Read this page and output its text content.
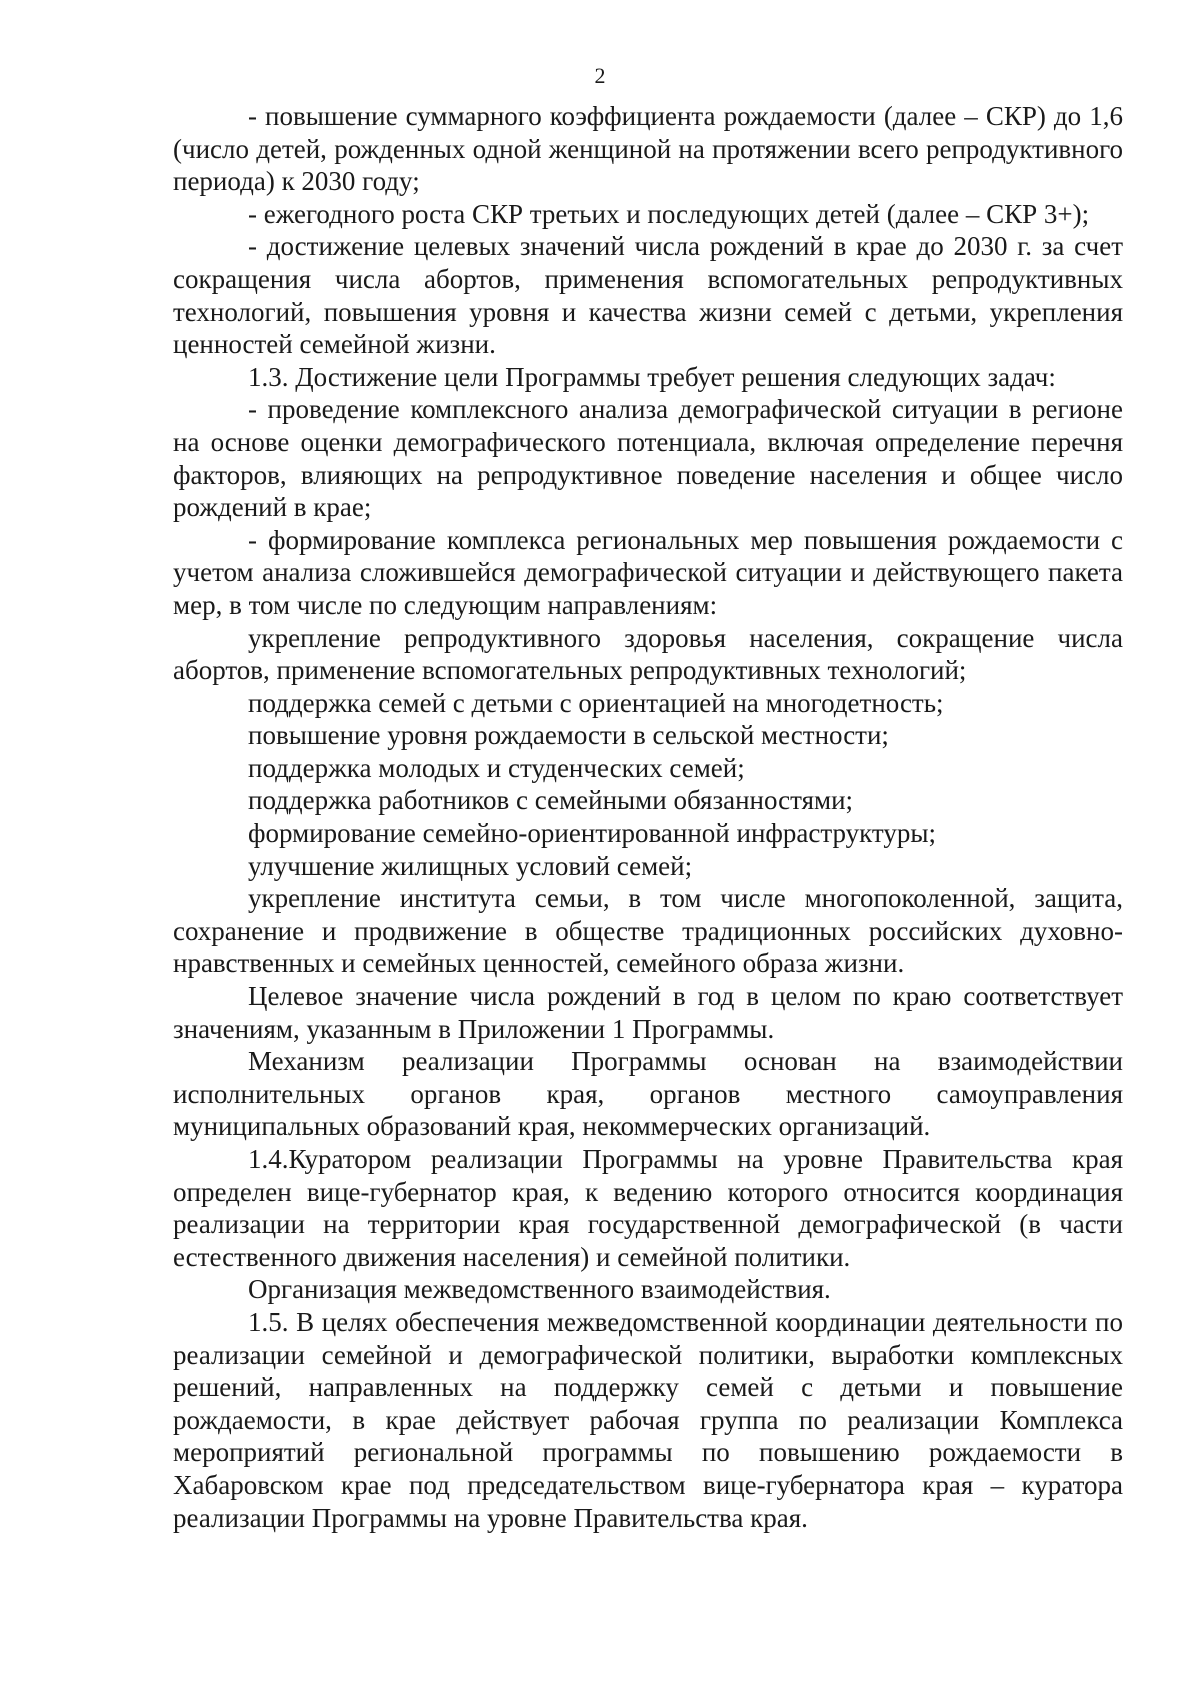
2

- повышение суммарного коэффициента рождаемости (далее – СКР) до 1,6 (число детей, рожденных одной женщиной на протяжении всего репродуктивного периода) к 2030 году;

- ежегодного роста СКР третьих и последующих детей (далее – СКР 3+);

- достижение целевых значений числа рождений в крае до 2030 г. за счет сокращения числа абортов, применения вспомогательных репродуктивных технологий, повышения уровня и качества жизни семей с детьми, укрепления ценностей семейной жизни.

1.3. Достижение цели Программы требует решения следующих задач:

- проведение комплексного анализа демографической ситуации в регионе на основе оценки демографического потенциала, включая определение перечня факторов, влияющих на репродуктивное поведение населения и общее число рождений в крае;

- формирование комплекса региональных мер повышения рождаемости с учетом анализа сложившейся демографической ситуации и действующего пакета мер, в том числе по следующим направлениям:

укрепление репродуктивного здоровья населения, сокращение числа абортов, применение вспомогательных репродуктивных технологий;

поддержка семей с детьми с ориентацией на многодетность;

повышение уровня рождаемости в сельской местности;

поддержка молодых и студенческих семей;

поддержка работников с семейными обязанностями;

формирование семейно-ориентированной инфраструктуры;

улучшение жилищных условий семей;

укрепление института семьи, в том числе многопоколенной, защита, сохранение и продвижение в обществе традиционных российских духовно-нравственных и семейных ценностей, семейного образа жизни.

Целевое значение числа рождений в год в целом по краю соответствует значениям, указанным в Приложении 1 Программы.

Механизм реализации Программы основан на взаимодействии исполнительных органов края, органов местного самоуправления муниципальных образований края, некоммерческих организаций.

1.4.Куратором реализации Программы на уровне Правительства края определен вице-губернатор края, к ведению которого относится координация реализации на территории края государственной демографической (в части естественного движения населения) и семейной политики.

Организация межведомственного взаимодействия.

1.5. В целях обеспечения межведомственной координации деятельности по реализации семейной и демографической политики, выработки комплексных решений, направленных на поддержку семей с детьми и повышение рождаемости, в крае действует рабочая группа по реализации Комплекса мероприятий региональной программы по повышению рождаемости в Хабаровском крае под председательством вице-губернатора края – куратора реализации Программы на уровне Правительства края.
